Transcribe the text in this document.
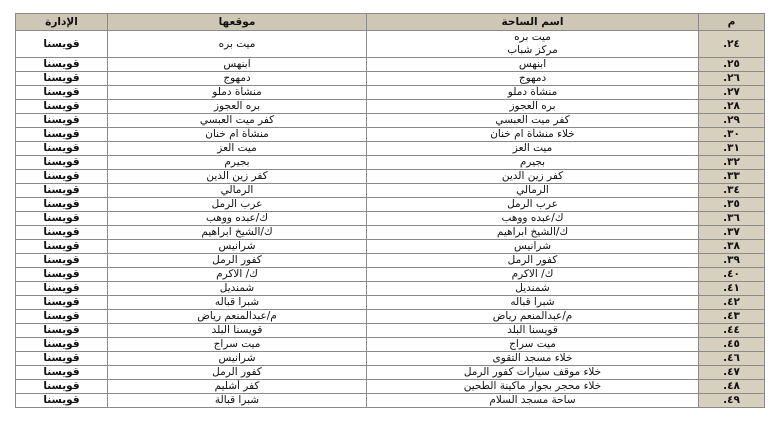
م	اسم الساحة	موقعها	الإدارة
٢٤.	ميت بره
مركز شباب	ميت بره	قويسنا
٢٥.	ابنهس	ابنهس	قويسنا
٢٦.	دمهوج	دمهوج	قويسنا
٢٧.	منشأة دملو	منشأة دملو	قويسنا
٢٨.	بره العجوز	بره العجوز	قويسنا
٢٩.	كفر ميت العبسي	كفر ميت العبسي	قويسنا
٣٠.	خلاء منشأة ام خنان	منشأة ام خنان	قويسنا
٣١.	ميت العز	ميت العز	قويسنا
٣٢.	بجيرم	بجيرم	قويسنا
٣٣.	كفر زين الدين	كفر زين الدين	قويسنا
٣٤.	الرمالي	الرمالي	قويسنا
٣٥.	عرب الرمل	عرب الرمل	قويسنا
٣٦.	ك/عبده ووهب	ك/عبده ووهب	قويسنا
٣٧.	ك/الشيخ ابراهيم	ك/الشيخ ابراهيم	قويسنا
٣٨.	شرانيس	شرانيس	قويسنا
٣٩.	كفور الرمل	كفور الرمل	قويسنا
٤٠.	ك/ الاكرم	ك/ الاكرم	قويسنا
٤١.	شمنديل	شمنديل	قويسنا
٤٢.	شبرا قباله	شبرا قباله	قويسنا
٤٣.	م/عبدالمنعم رياض	م/عبدالمنعم رياض	قويسنا
٤٤.	قويسنا البلد	قويسنا البلد	قويسنا
٤٥.	ميت سراج	ميت سراج	قويسنا
٤٦.	خلاء مسجد التقوى	شرانيس	قويسنا
٤٧.	خلاء موقف سيارات كفور الرمل	كفور الرمل	قويسنا
٤٨.	خلاء محجر بجوار ماكينة الطحين	كفر أشليم	قويسنا
٤٩.	ساحة مسجد السلام	شبرا قبالة	قويسنا
